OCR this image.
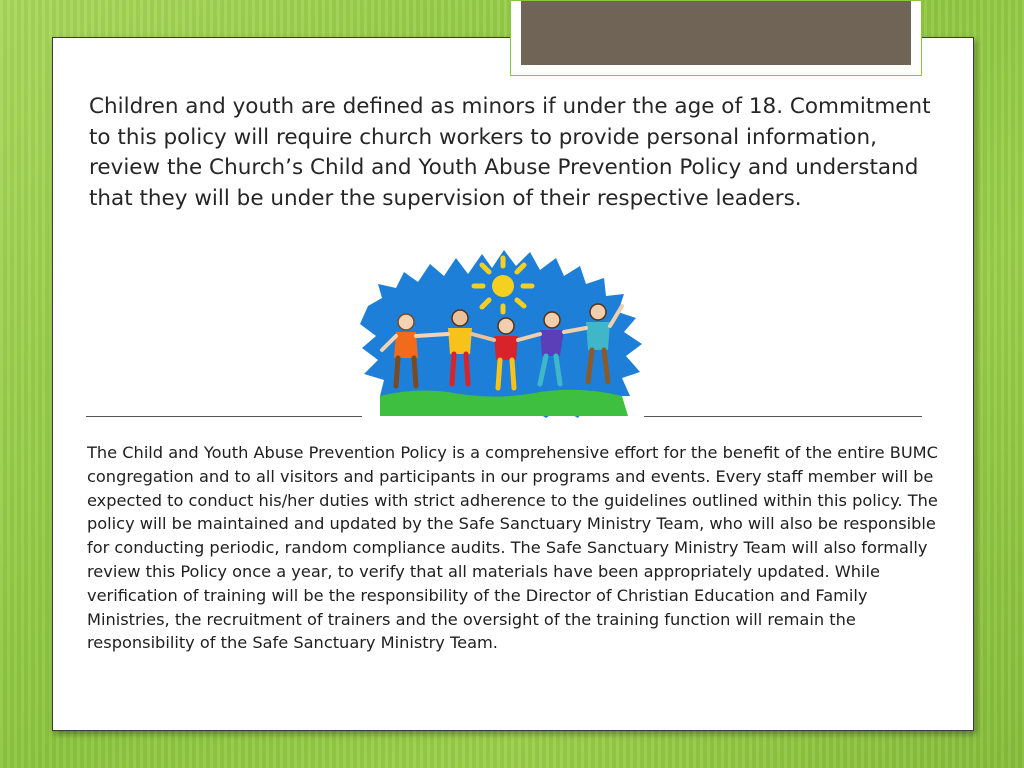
Children and youth are defined as minors if under the age of 18. Commitment to this policy will require church workers to provide personal information, review the Church’s Child and Youth Abuse Prevention Policy and understand that they will be under the supervision of their respective leaders.

The Child and Youth Abuse Prevention Policy is a comprehensive effort for the benefit of the entire BUMC congregation and to all visitors and participants in our programs and events. Every staff member will be expected to conduct his/her duties with strict adherence to the guidelines outlined within this policy. The policy will be maintained and updated by the Safe Sanctuary Ministry Team, who will also be responsible for conducting periodic, random compliance audits. The Safe Sanctuary Ministry Team will also formally review this Policy once a year, to verify that all materials have been appropriately updated. While verification of training will be the responsibility of the Director of Christian Education and Family Ministries, the recruitment of trainers and the oversight of the training function will remain the responsibility of the Safe Sanctuary Ministry Team.
